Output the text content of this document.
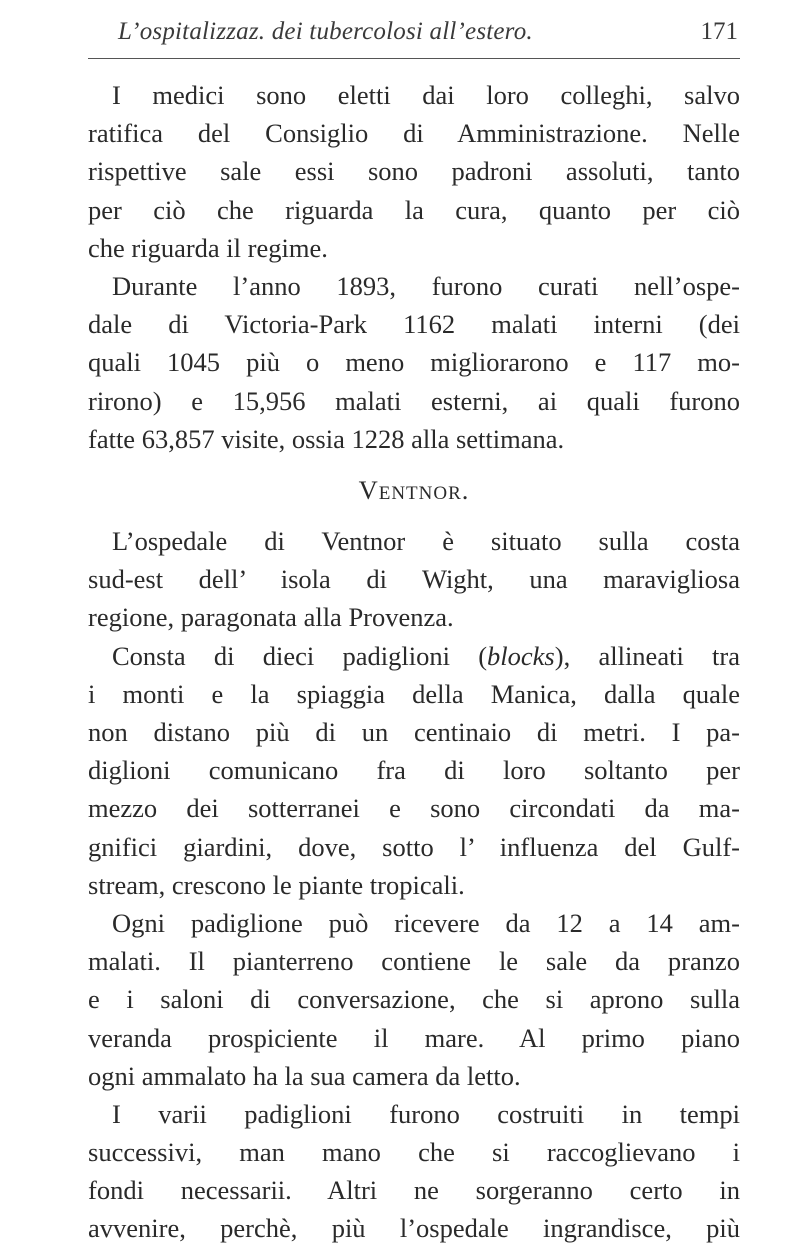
L’ospitalizzaz. dei tubercolosi all’estero.	171
I medici sono eletti dai loro colleghi, salvo
ratifica del Consiglio di Amministrazione. Nelle
rispettive sale essi sono padroni assoluti, tanto
per ciò che riguarda la cura, quanto per ciò
che riguarda il regime.
Durante l’anno 1893, furono curati nell’ospe-
dale di Victoria-Park 1162 malati interni (dei
quali 1045 più o meno migliorarono e 117 mo-
rirono) e 15,956 malati esterni, ai quali furono
fatte 63,857 visite, ossia 1228 alla settimana.
Ventnor.
L’ospedale di Ventnor è situato sulla costa
sud-est dell’ isola di Wight, una maravigliosa
regione, paragonata alla Provenza.
Consta di dieci padiglioni (blocks), allineati tra
i monti e la spiaggia della Manica, dalla quale
non distano più di un centinaio di metri. I pa-
diglioni comunicano fra di loro soltanto per
mezzo dei sotterranei e sono circondati da ma-
gnifici giardini, dove, sotto l’ influenza del Gulf-
stream, crescono le piante tropicali.
Ogni padiglione può ricevere da 12 a 14 am-
malati. Il pianterreno contiene le sale da pranzo
e i saloni di conversazione, che si aprono sulla
veranda prospiciente il mare. Al primo piano
ogni ammalato ha la sua camera da letto.
I varii padiglioni furono costruiti in tempi
successivi, man mano che si raccoglievano i
fondi necessarii. Altri ne sorgeranno certo in
avvenire, perchè, più l’ospedale ingrandisce, più
